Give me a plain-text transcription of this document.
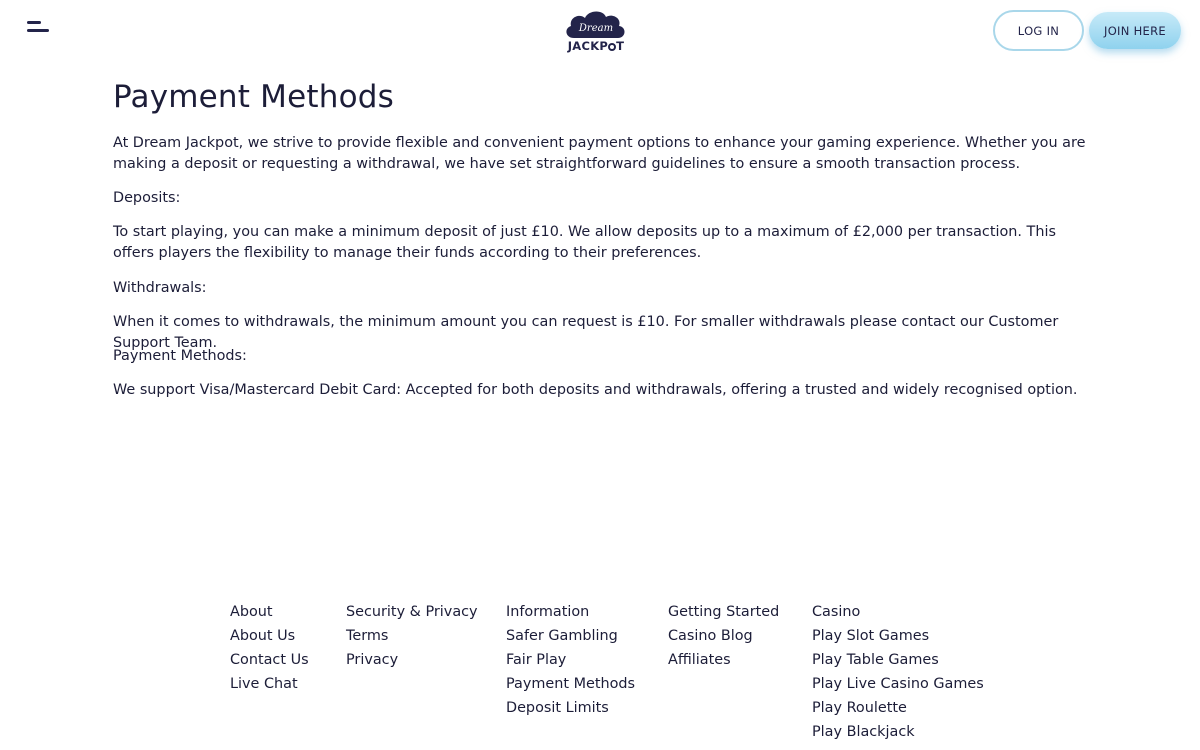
Dream
JACKP T
LOG IN	JOIN HERE
Payment Methods

At Dream Jackpot, we strive to provide flexible and convenient payment options to enhance your gaming experience. Whether you are making a deposit or requesting a withdrawal, we have set straightforward guidelines to ensure a smooth transaction process.

Deposits:

To start playing, you can make a minimum deposit of just £10. We allow deposits up to a maximum of £2,000 per transaction. This offers players the flexibility to manage their funds according to their preferences.

Withdrawals:

When it comes to withdrawals, the minimum amount you can request is £10. For smaller withdrawals please contact our Customer Support Team.

Payment Methods:

We support Visa/Mastercard Debit Card: Accepted for both deposits and withdrawals, offering a trusted and widely recognised option.

About
About Us
Contact Us
Live Chat
Security & Privacy
Terms
Privacy
Information
Safer Gambling
Fair Play
Payment Methods
Deposit Limits
Getting Started
Casino Blog
Affiliates
Casino
Play Slot Games
Play Table Games
Play Live Casino Games
Play Roulette
Play Blackjack
